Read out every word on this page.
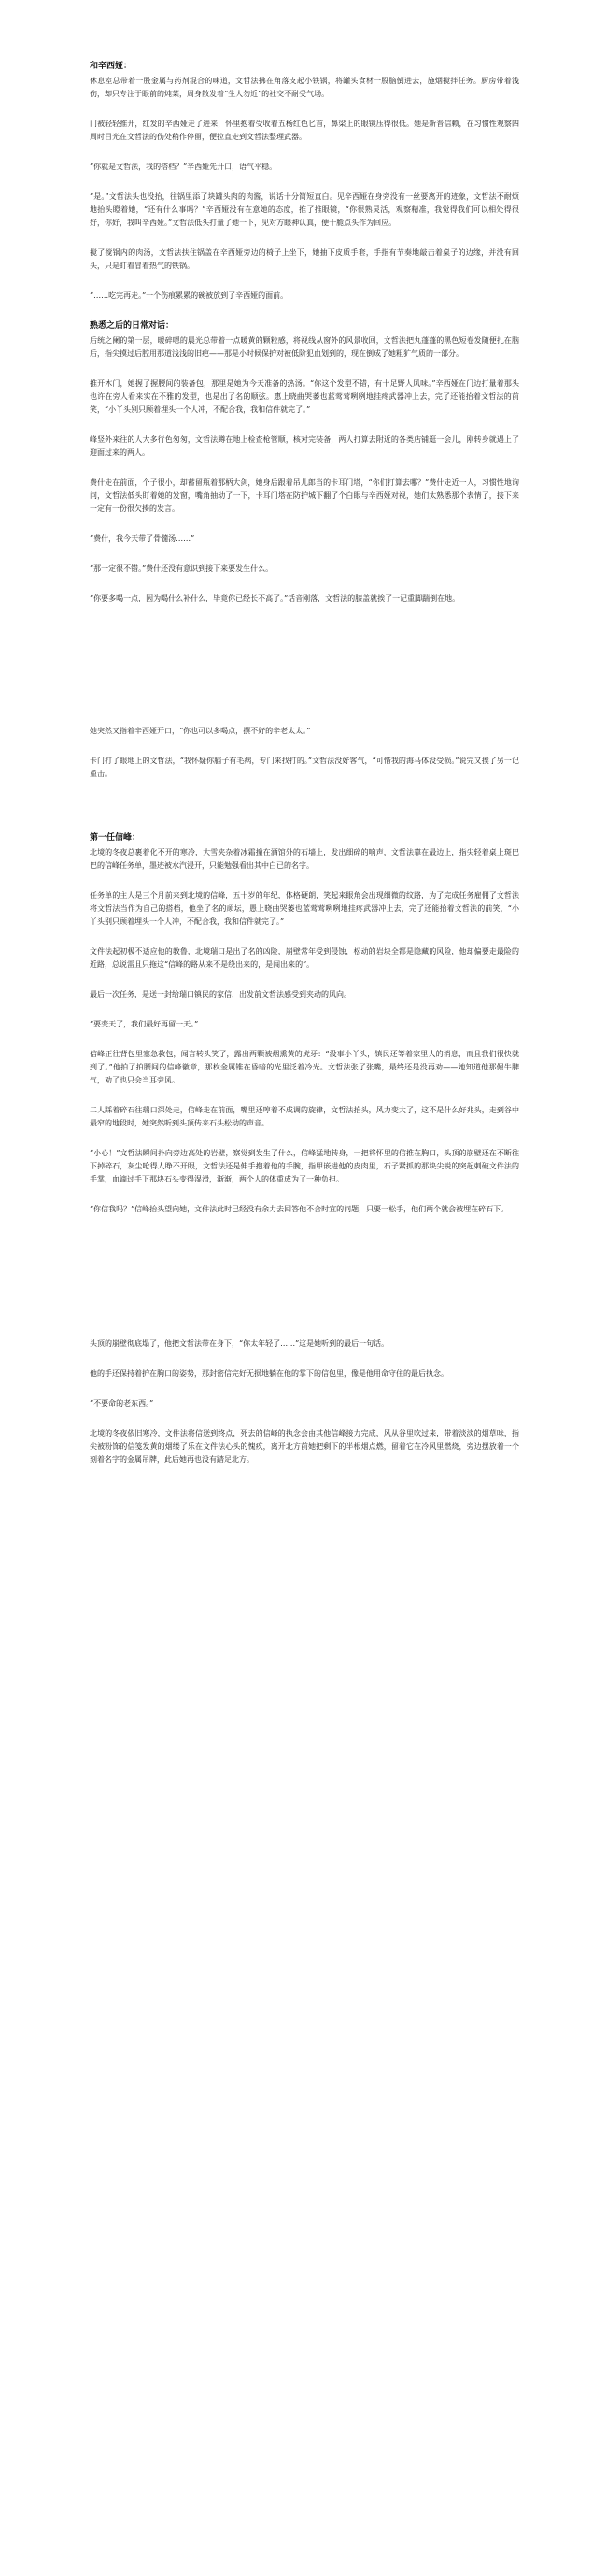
和辛西娅：

休息室总带着一股金属与药剂混合的味道，文哲法拂在角落支起小铁锅，将罐头食材一股脑倒进去，施烟搅拌任务。厨房带着浅伤，却只专注于眼前的炖菜，周身散发着“生人勿近”的社交不耐受气场。

门被轻轻推开，红发的辛西娅走了进来，怀里抱着受收着五杨红色匕首，鼻梁上的眼镜压得很低。她是新晋信赖，在习惯性观察四周时目光在文哲法的伤处稍作停留，便拉直走到文哲法整理武器。

“你就是文哲法，我的搭档？”辛西娅先开口，语气平稳。

“是。”文哲法头也没抬，往锅里添了块罐头肉的肉酱，说话十分简短直白。见辛西娅在身旁没有一丝要离开的迹象，文哲法不耐烦地抬头瞪着她，“还有什么事吗？”辛西娅没有在意她的态度，推了推眼镜，“你很熟灵活，观察精准，我觉得我们可以相处得很好，你好，我叫辛西娅。”文哲法低头打量了她一下，见对方眼神认真，便干脆点头作为回应。

搅了搅锅内的肉汤，文哲法扶住锅盖在辛西娅旁边的椅子上坐下，她抽下皮质手套，手指有节奏地敲击着桌子的边缘，并没有回头，只是盯着冒着热气的铁锅。

“……吃完再走。”一个伤痕累累的碗被放到了辛西娅的面前。

熟悉之后的日常对话：

后统之阑的第一层，暖碎嗯的晨光总带着一点暖黄的颗粒感，将视线从窗外的风景收回，文哲法把丸蓬蓬的黑色短卷发随便扎在脑后，指尖摸过后腔用那道浅浅的旧疤——那是小时候保护对被低阶犯血划到的，现在倒成了她粗犷气质的一部分。

推开木门，她握了握腰间的装备包，那里是她为今天准备的热汤。“你这个发型不错，有十足野人风味。”辛西娅在门边打量着那头也许在旁人看来实在不雅的发型，也是出了名的顺弦。惠上晓曲哭萎也蓝莺莺咧咧地挂疼武器冲上去，完了还能抬着文哲法的前笑，“小丫头别只顾着埋头一个人冲，不配合我，我和信件就完了。”

峰竖外来往的人大多行色匆匆，文哲法蹲在地上检查枪管顺，核对完装备，两人打算去附近的各类店铺逛一会儿，刚转身就遇上了迎面过来的两人。

费什走在前面，个子很小，却蓄留瓶着那柄大剑，她身后跟着吊儿郎当的卡耳门塔，“你们打算去哪？”费什走近一人，习惯性地询问，文哲法低头盯着她的发窗，嘴角抽动了一下，卡耳门塔在防护城下翻了个白眼与辛西娅对视，她们太熟悉那个表情了，接下来一定有一份很欠揍的发言。

“费什，我今天带了骨髓汤……”

“那一定很不错。”费什还没有意识到接下来要发生什么。

“你要多喝一点，因为喝什么补什么，毕竟你已经长不高了。”话音刚落，文哲法的膝盖就挨了一记重脚踹倒在地。

她突然又指着辛西娅开口，“你也可以多喝点，撰不好的辛老太太。”

卡门打了眼地上的文哲法，“我怀疑你脑子有毛病，专门来找打的。”文哲法没好客气，“可惜我的海马体没受损。”说完又挨了另一记重击。

第一任信峰：

北境的冬夜总裹着化不开的寒冷，大雪夹杂着冰霜撞在酒馆外的石墙上，发出细碎的响声，文哲法靠在最边上，指尖轻着桌上斑巴巴的信峰任务单，墨迹被水汽浸开，只能勉强看出其中白已的名字。

任务单的主人是三个月前来到北境的信峰，五十岁的年纪，体格硬朗，笑起来眼角会出现细微的纹路，为了完成任务雇佣了文哲法将文哲法当作为自己的搭档，他坐了名的顽坛，愚上晓曲哭萎也蓝莺莺咧咧地挂疼武器冲上去，完了还能抬着文哲法的前笑，“小丫头别只顾着埋头一个人冲，不配合我，我和信件就完了。”

文件法起初极不适应他的教鲁，北境瑞口是出了名的凶险，崩壁常年受到侵蚀，松动的岩块全都是隐藏的风险，他却偏要走最险的近路，总说雷且只拖这“信峰的路从来不是绕出来的，是闯出来的”。

最后一次任务，是送一封给瑞口镇民的家信，出发前文哲法感受到夹动的风向。

“要变天了，我们最好再留一天。”

信峰正往背包里塞急救包，闻言转头笑了，露出两颗被烟熏黄的虎牙：“没事小丫头，镇民还等着家里人的消息，而且我们很快就到了。”他拍了拍腰间的信峰徽章，那枚金属锥在昏暗的光里泛着冷光。文哲法张了张嘴，最终还是没再劝——她知道他那倔牛脾气，劝了也只会当耳旁风。

二人踩着碎石往瑞口深处走，信峰走在前面，嘴里还哼着不成调的旋律，文哲法抬头，风力变大了，这不是什么好兆头，走到谷中最窄的地段时，她突然听到头顶传来石头松动的声音。

“小心！”文哲法瞬间扑向旁边高处的岩壁，察觉到发生了什么，信峰猛地转身，一把将怀里的信推在胸口，头顶的崩壁还在不断往下掉碎石，灰尘呛得人睁不开眼，文哲法还是伸手抱着他的手腕，指甲嵌进他的皮肉里，石子紧抓的那块尖锐的突起刺破文件法的手掌，血滴过手下那块石头变得湿滑，渐渐，两个人的体重成为了一种负担。

“你信我吗？”信峰抬头望向她，文件法此时已经没有余力去回答他不合时宜的问题，只要一松手，他们两个就会被埋在碎石下。

头顶的崩壁彻底塌了，他把文哲法带在身下，“你太年轻了……”这是她听到的最后一句话。

他的手还保持着护在胸口的姿势，那封密信完好无损地躺在他的掌下的信包里，像是他用命守住的最后执念。

“不要命的老东西。”

北境的冬夜依旧寒冷，文件法将信送到终点，死去的信峰的执念会由其他信峰接力完成，风从谷里吹过来，带着淡淡的烟草味，指尖被粉饰的信笺发黄的烟缕了乐在文件法心头的愧疚，离开北方前她把剩下的半根烟点燃，留着它在冷风里燃烧，旁边摆放着一个刻着名字的金属吊牌，此后她再也没有踏足北方。
